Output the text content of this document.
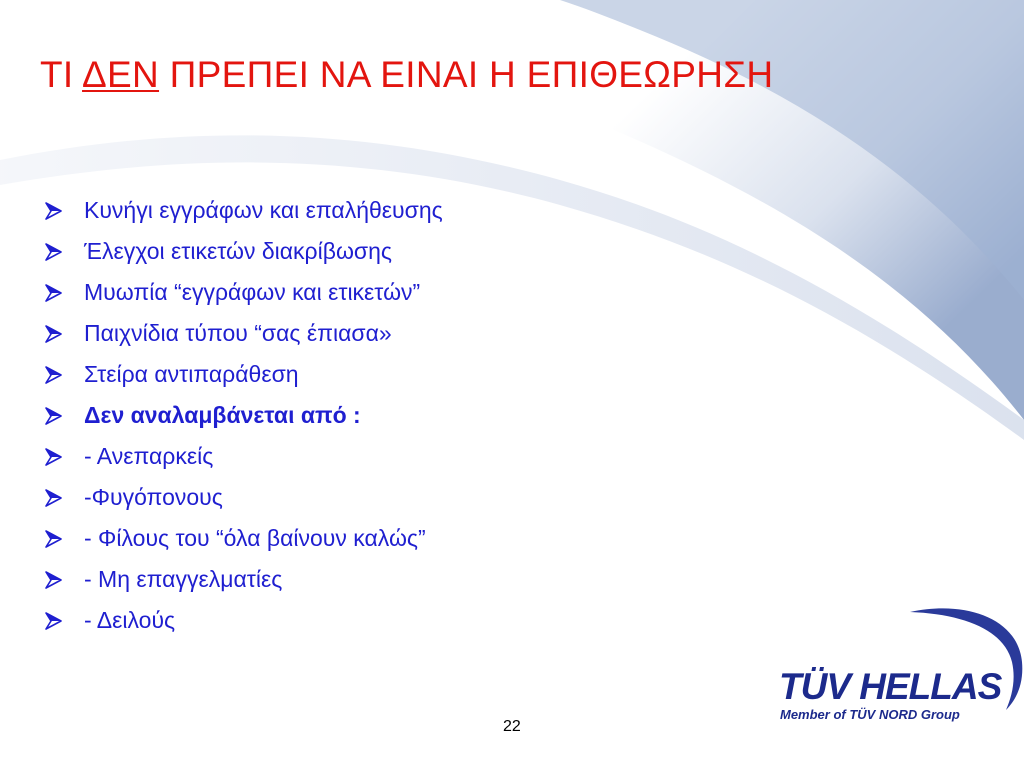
ΤΙ ΔΕΝ ΠΡΕΠΕΙ ΝΑ ΕΙΝΑΙ Η ΕΠΙΘΕΩΡΗΣΗ
Κυνήγι εγγράφων και επαλήθευσης
Έλεγχοι ετικετών διακρίβωσης
Μυωπία “εγγράφων και ετικετών”
Παιχνίδια τύπου “σας έπιασα»
Στείρα αντιπαράθεση
Δεν αναλαμβάνεται από :
- Ανεπαρκείς
-Φυγόπονους
- Φίλους του “όλα βαίνουν καλώς”
- Μη επαγγελματίες
- Δειλούς

TÜV HELLAS

Member of TÜV NORD Group

22
